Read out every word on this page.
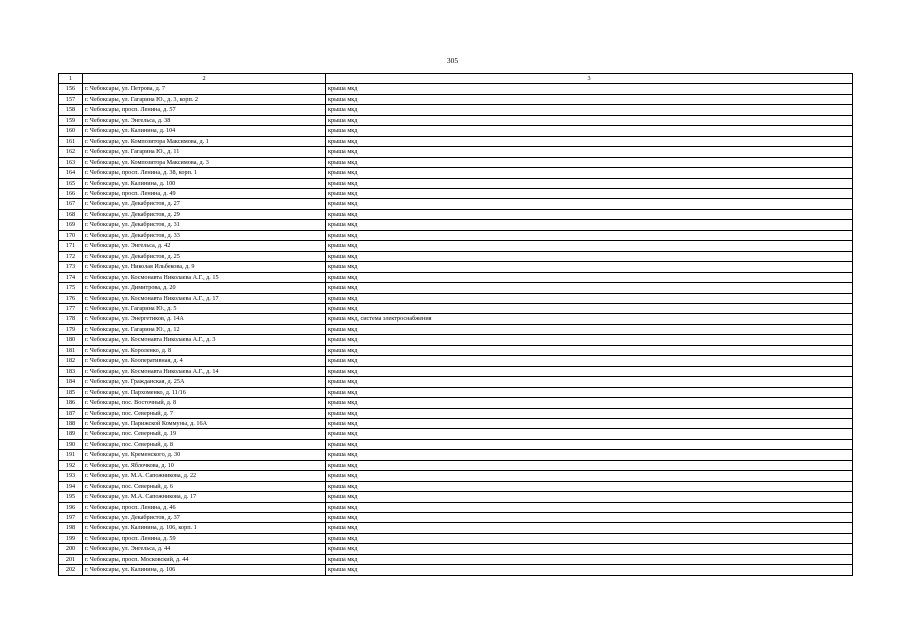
305
1	2	3
156	г. Чебоксары, ул. Петрова, д. 7	крыша мкд
157	г. Чебоксары, ул. Гагарина Ю., д. 3, корп. 2	крыша мкд
158	г. Чебоксары, просп. Ленина, д. 57	крыша мкд
159	г. Чебоксары, ул. Энгельса, д. 38	крыша мкд
160	г. Чебоксары, ул. Калинина, д. 104	крыша мкд
161	г. Чебоксары, ул. Композитора Максимова, д. 1	крыша мкд
162	г. Чебоксары, ул. Гагарина Ю., д. 11	крыша мкд
163	г. Чебоксары, ул. Композитора Максимова, д. 3	крыша мкд
164	г. Чебоксары, просп. Ленина, д. 38, корп. 1	крыша мкд
165	г. Чебоксары, ул. Калинина, д. 100	крыша мкд
166	г. Чебоксары, просп. Ленина, д. 49	крыша мкд
167	г. Чебоксары, ул. Декабристов, д. 27	крыша мкд
168	г. Чебоксары, ул. Декабристов, д. 29	крыша мкд
169	г. Чебоксары, ул. Декабристов, д. 31	крыша мкд
170	г. Чебоксары, ул. Декабристов, д. 33	крыша мкд
171	г. Чебоксары, ул. Энгельса, д. 42	крыша мкд
172	г. Чебоксары, ул. Декабристов, д. 25	крыша мкд
173	г. Чебоксары, ул. Николая Ильбекова, д. 9	крыша мкд
174	г. Чебоксары, ул. Космонавта Николаева А.Г., д. 15	крыша мкд
175	г. Чебоксары, ул. Димитрова, д. 20	крыша мкд
176	г. Чебоксары, ул. Космонавта Николаева А.Г., д. 17	крыша мкд
177	г. Чебоксары, ул. Гагарина Ю., д. 5	крыша мкд
178	г. Чебоксары, ул. Энергетиков, д. 14А	крыша мкд, система электроснабжения
179	г. Чебоксары, ул. Гагарина Ю., д. 12	крыша мкд
180	г. Чебоксары, ул. Космонавта Николаева А.Г., д. 3	крыша мкд
181	г. Чебоксары, ул. Короленко, д. 8	крыша мкд
182	г. Чебоксары, ул. Кооперативная, д. 4	крыша мкд
183	г. Чебоксары, ул. Космонавта Николаева А.Г., д. 14	крыша мкд
184	г. Чебоксары, ул. Гражданская, д. 25А	крыша мкд
185	г. Чебоксары, ул. Пархоменко, д. 11/16	крыша мкд
186	г. Чебоксары, пос. Восточный, д. 8	крыша мкд
187	г. Чебоксары, пос. Северный, д. 7	крыша мкд
188	г. Чебоксары, ул. Парижской Коммуны, д. 16А	крыша мкд
189	г. Чебоксары, пос. Северный, д. 19	крыша мкд
190	г. Чебоксары, пос. Северный, д. 8	крыша мкд
191	г. Чебоксары, ул. Кременского, д. 30	крыша мкд
192	г. Чебоксары, ул. Яблочкова, д. 10	крыша мкд
193	г. Чебоксары, ул. М.А. Сапожникова, д. 22	крыша мкд
194	г. Чебоксары, пос. Северный, д. 6	крыша мкд
195	г. Чебоксары, ул. М.А. Сапожникова, д. 17	крыша мкд
196	г. Чебоксары, просп. Ленина, д. 46	крыша мкд
197	г. Чебоксары, ул. Декабристов, д. 37	крыша мкд
198	г. Чебоксары, ул. Калинина, д. 106, корп. 1	крыша мкд
199	г. Чебоксары, просп. Ленина, д. 59	крыша мкд
200	г. Чебоксары, ул. Энгельса, д. 44	крыша мкд
201	г. Чебоксары, просп. Московский, д. 44	крыша мкд
202	г. Чебоксары, ул. Калинина, д. 106	крыша мкд
